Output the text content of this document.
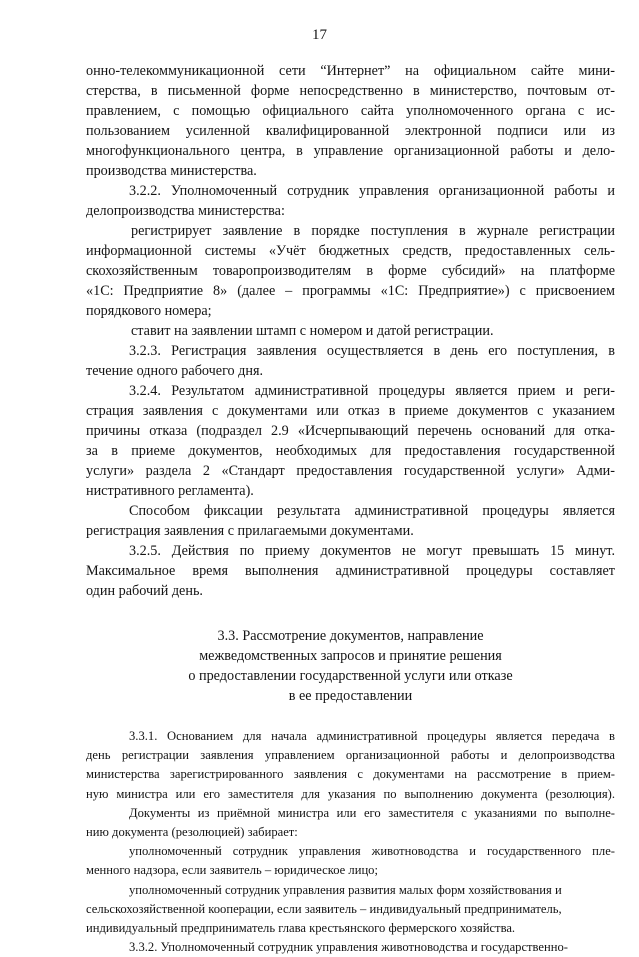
17
онно-телекоммуникационной сети “Интернет” на официальном сайте мини-
стерства, в письменной форме непосредственно в министерство, почтовым от-
правлением, с помощью официального сайта уполномоченного органа с ис-
пользованием усиленной квалифицированной электронной подписи или из
многофункционального центра, в управление организационной работы и дело-
производства министерства.
3.2.2. Уполномоченный сотрудник управления организационной работы и
делопроизводства министерства:
регистрирует заявление в порядке поступления в журнале регистрации
информационной системы «Учёт бюджетных средств, предоставленных сель-
скохозяйственным товаропроизводителям в форме субсидий» на платформе
«1С: Предприятие 8» (далее – программы «1С: Предприятие») с присвоением
порядкового номера;
ставит на заявлении штамп с номером и датой регистрации.
3.2.3. Регистрация заявления осуществляется в день его поступления, в
течение одного рабочего дня.
3.2.4. Результатом административной процедуры является прием и реги-
страция заявления с документами или отказ в приеме документов с указанием
причины отказа (подраздел 2.9 «Исчерпывающий перечень оснований для отка-
за в приеме документов, необходимых для предоставления государственной
услуги» раздела 2 «Стандарт предоставления государственной услуги» Адми-
нистративного регламента).
Способом фиксации результата административной процедуры является
регистрация заявления с прилагаемыми документами.
3.2.5. Действия по приему документов не могут превышать 15 минут.
Максимальное время выполнения административной процедуры составляет
один рабочий день.
3.3. Рассмотрение документов, направление
межведомственных запросов и принятие решения
о предоставлении государственной услуги или отказе
в ее предоставлении
3.3.1. Основанием для начала административной процедуры является передача в
день регистрации заявления управлением организационной работы и делопроизводства
министерства зарегистрированного заявления с документами на рассмотрение в прием-
ную министра или его заместителя для указания по выполнению документа (резолюция).
Документы из приёмной министра или его заместителя с указаниями по выполне-
нию документа (резолюцией) забирает:
уполномоченный сотрудник управления животноводства и государственного пле-
менного надзора, если заявитель – юридическое лицо;
уполномоченный сотрудник управления развития малых форм хозяйствования и
сельскохозяйственной кооперации, если заявитель – индивидуальный предприниматель,
индивидуальный предприниматель глава крестьянского фермерского хозяйства.
3.3.2. Уполномоченный сотрудник управления животноводства и государственно-
